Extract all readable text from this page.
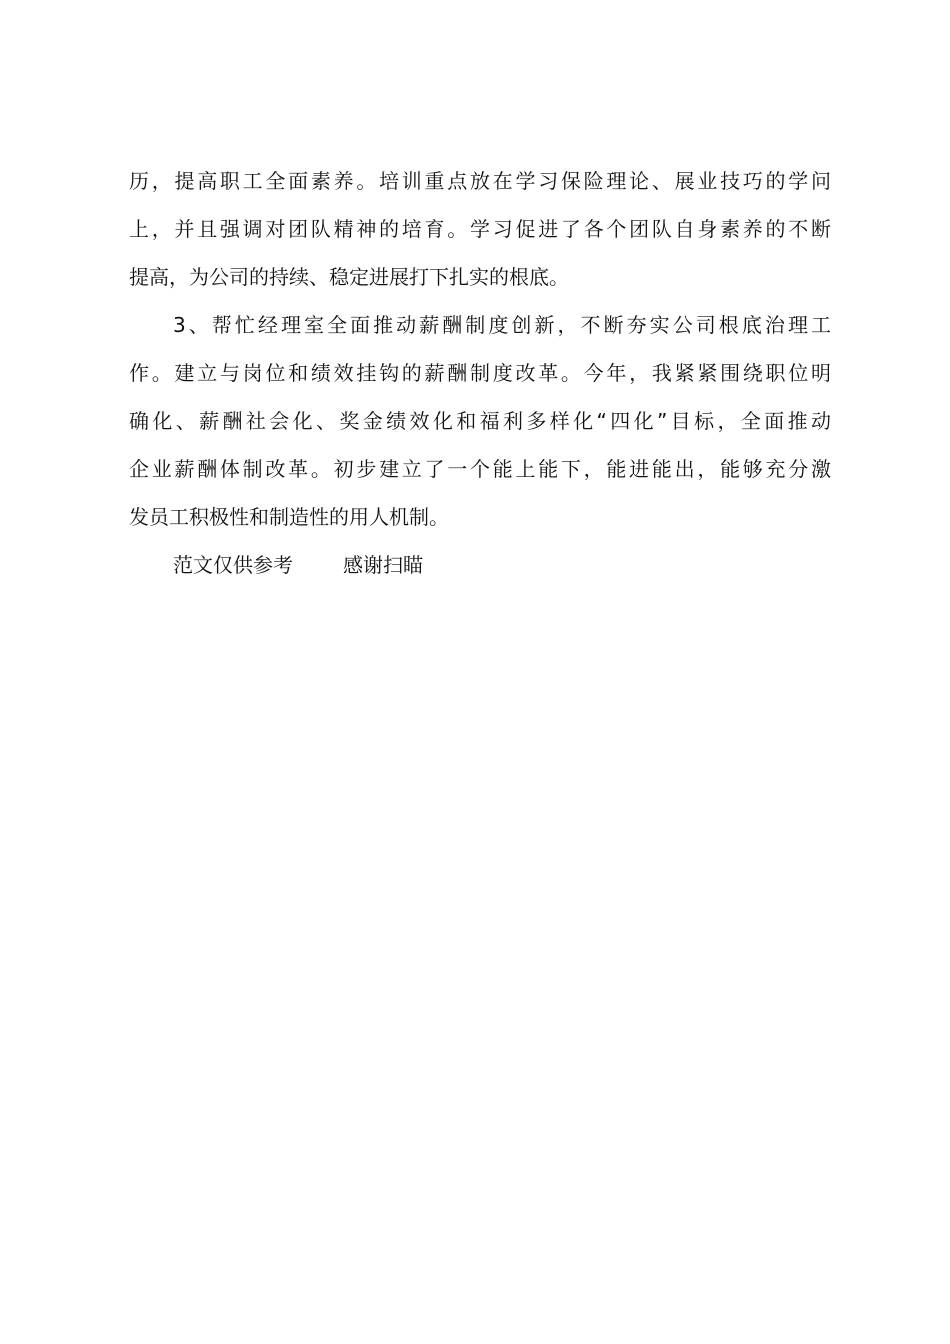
历，提高职工全面素养。培训重点放在学习保险理论、展业技巧的学问
上，并且强调对团队精神的培育。学习促进了各个团队自身素养的不断
提高，为公司的持续、稳定进展打下扎实的根底。
3、帮忙经理室全面推动薪酬制度创新，不断夯实公司根底治理工
作。建立与岗位和绩效挂钩的薪酬制度改革。今年，我紧紧围绕职位明
确化、薪酬社会化、奖金绩效化和福利多样化“四化”目标，全面推动
企业薪酬体制改革。初步建立了一个能上能下，能进能出，能够充分激
发员工积极性和制造性的用人机制。
范文仅供参考	感谢扫瞄
